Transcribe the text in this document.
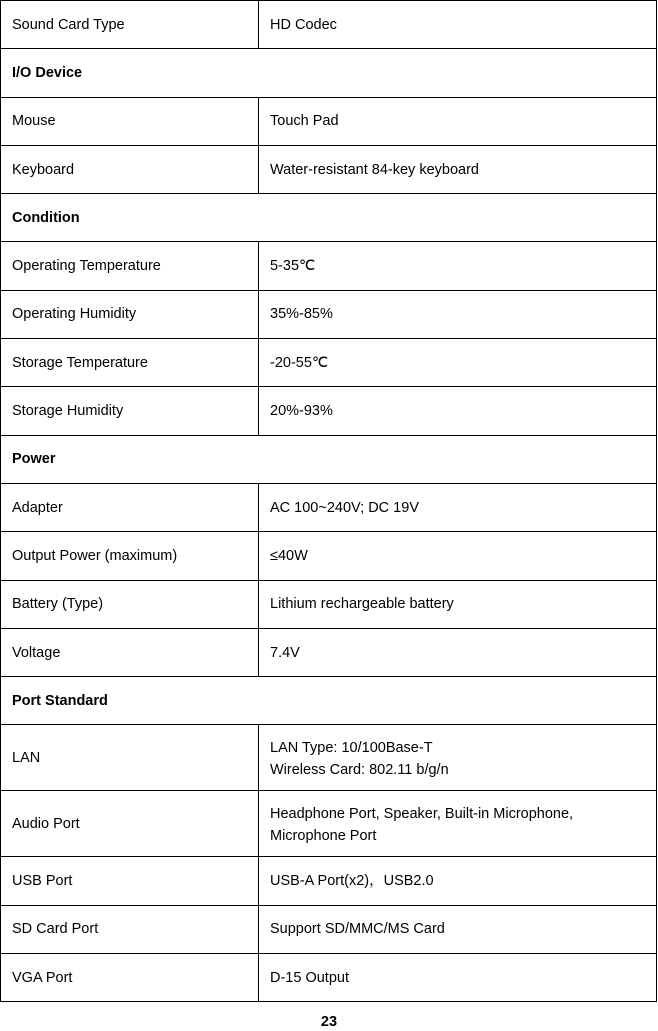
Sound Card Type	HD Codec

I/O Device	
Mouse	Touch Pad

Keyboard	Water-resistant 84-key keyboard

Condition	
Operating Temperature	5-35℃

Operating Humidity	35%-85%

Storage Temperature	-20-55℃

Storage Humidity	20%-93%

Power	
Adapter	AC 100~240V; DC 19V

Output Power (maximum)	≤40W

Battery (Type)	Lithium rechargeable battery

Voltage	7.4V

Port Standard	
LAN	LAN Type: 10/100Base-T
Wireless Card: 802.11 b/g/n

Audio Port	Headphone Port, Speaker, Built-in Microphone,
Microphone Port

USB Port	USB-A Port(x2)，USB2.0

SD Card Port	Support SD/MMC/MS Card

VGA Port	D-15 Output
23
